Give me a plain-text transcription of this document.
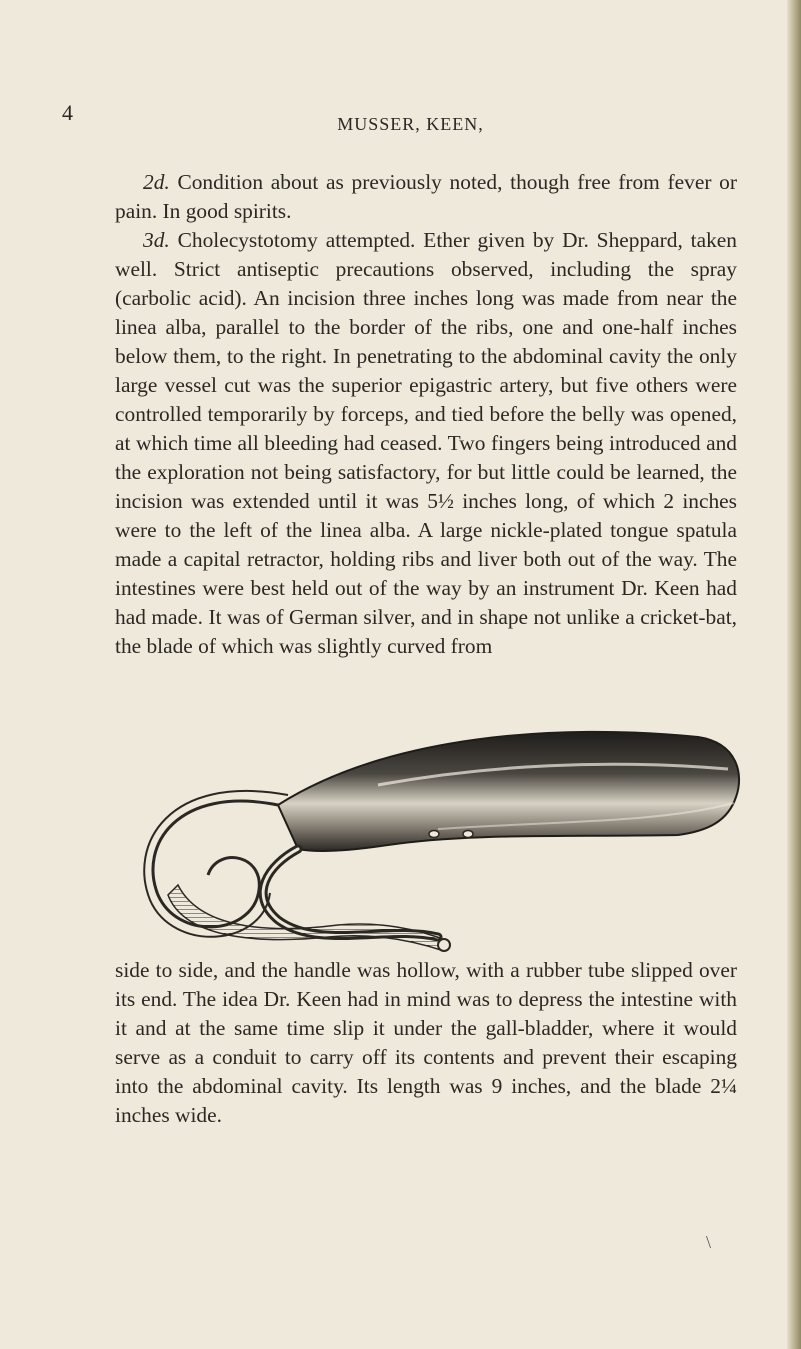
4	MUSSER, KEEN,

2d. Condition about as previously noted, though free from fever or pain. In good spirits.

3d. Cholecystotomy attempted. Ether given by Dr. Sheppard, taken well. Strict antiseptic precautions observed, including the spray (carbolic acid). An incision three inches long was made from near the linea alba, parallel to the border of the ribs, one and one-half inches below them, to the right. In penetrating to the abdominal cavity the only large vessel cut was the superior epigastric artery, but five others were controlled temporarily by forceps, and tied before the belly was opened, at which time all bleeding had ceased. Two fingers being introduced and the exploration not being satisfactory, for but little could be learned, the incision was extended until it was 5½ inches long, of which 2 inches were to the left of the linea alba. A large nickle-plated tongue spatula made a capital retractor, holding ribs and liver both out of the way. The intestines were best held out of the way by an instrument Dr. Keen had had made. It was of German silver, and in shape not unlike a cricket-bat, the blade of which was slightly curved from

side to side, and the handle was hollow, with a rubber tube slipped over its end. The idea Dr. Keen had in mind was to depress the intestine with it and at the same time slip it under the gall-bladder, where it would serve as a conduit to carry off its contents and prevent their escaping into the abdominal cavity. Its length was 9 inches, and the blade 2¼ inches wide.

\
